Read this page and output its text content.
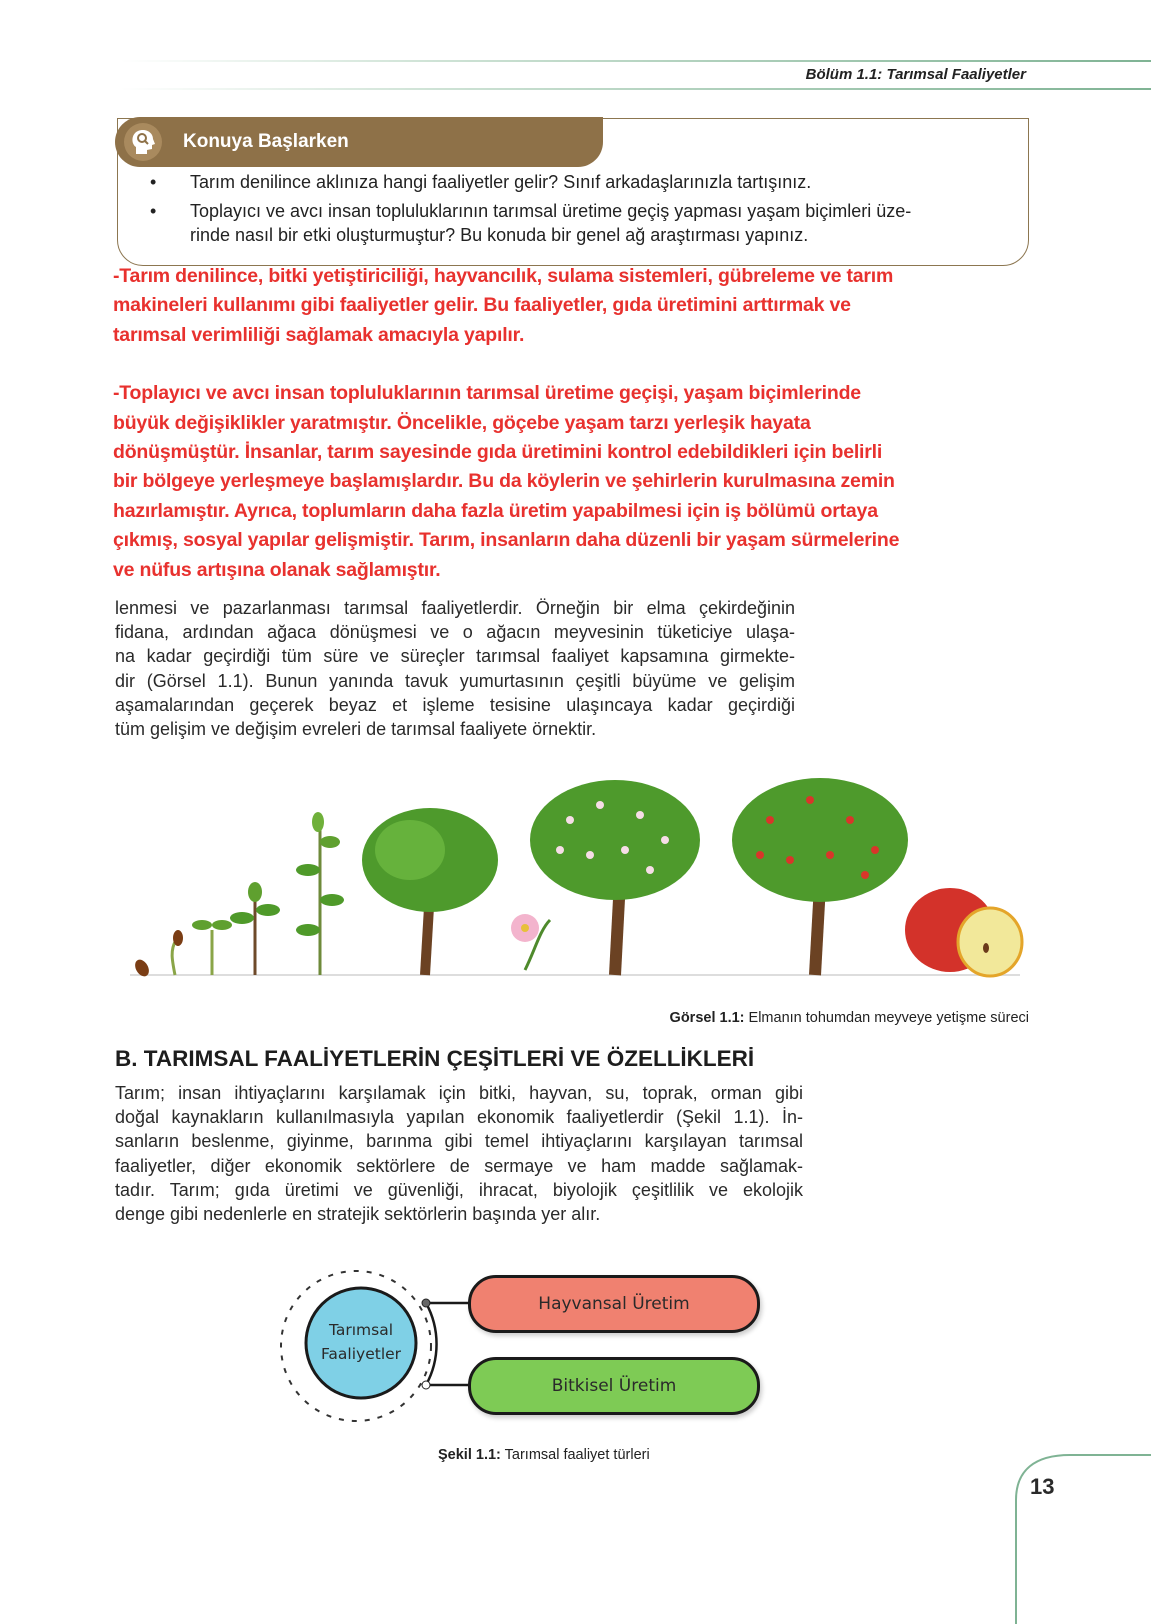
Bölüm 1.1: Tarımsal Faaliyetler
Konuya Başlarken
• Tarım denilince aklınıza hangi faaliyetler gelir? Sınıf arkadaşlarınızla tartışınız.
• Toplayıcı ve avcı insan topluluklarının tarımsal üretime geçiş yapması yaşam biçimleri üze-
rinde nasıl bir etki oluşturmuştur? Bu konuda bir genel ağ araştırması yapınız.
-Tarım denilince, bitki yetiştiriciliği, hayvancılık, sulama sistemleri, gübreleme ve tarım
makineleri kullanımı gibi faaliyetler gelir. Bu faaliyetler, gıda üretimini arttırmak ve
tarımsal verimliliği sağlamak amacıyla yapılır.
-Toplayıcı ve avcı insan topluluklarının tarımsal üretime geçişi, yaşam biçimlerinde
büyük değişiklikler yaratmıştır. Öncelikle, göçebe yaşam tarzı yerleşik hayata
dönüşmüştür. İnsanlar, tarım sayesinde gıda üretimini kontrol edebildikleri için belirli
bir bölgeye yerleşmeye başlamışlardır. Bu da köylerin ve şehirlerin kurulmasına zemin
hazırlamıştır. Ayrıca, toplumların daha fazla üretim yapabilmesi için iş bölümü ortaya
çıkmış, sosyal yapılar gelişmiştir. Tarım, insanların daha düzenli bir yaşam sürmelerine
ve nüfus artışına olanak sağlamıştır.
lenmesi ve pazarlanması tarımsal faaliyetlerdir. Örneğin bir elma çekirdeğinin
fidana, ardından ağaca dönüşmesi ve o ağacın meyvesinin tüketiciye ulaşa-
na kadar geçirdiği tüm süre ve süreçler tarımsal faaliyet kapsamına girmekte-
dir (Görsel 1.1). Bunun yanında tavuk yumurtasının çeşitli büyüme ve gelişim
aşamalarından geçerek beyaz et işleme tesisine ulaşıncaya kadar geçirdiği
tüm gelişim ve değişim evreleri de tarımsal faaliyete örnektir.
Görsel 1.1: Elmanın tohumdan meyveye yetişme süreci
B. TARIMSAL FAALİYETLERİN ÇEŞİTLERİ VE ÖZELLİKLERİ
Tarım; insan ihtiyaçlarını karşılamak için bitki, hayvan, su, toprak, orman gibi
doğal kaynakların kullanılmasıyla yapılan ekonomik faaliyetlerdir (Şekil 1.1). İn-
sanların beslenme, giyinme, barınma gibi temel ihtiyaçlarını karşılayan tarımsal
faaliyetler, diğer ekonomik sektörlere de sermaye ve ham madde sağlamak-
tadır. Tarım; gıda üretimi ve güvenliği, ihracat, biyolojik çeşitlilik ve ekolojik
denge gibi nedenlerle en stratejik sektörlerin başında yer alır.
Tarımsal
Faaliyetler
Hayvansal Üretim
Bitkisel Üretim
Şekil 1.1: Tarımsal faaliyet türleri
13
